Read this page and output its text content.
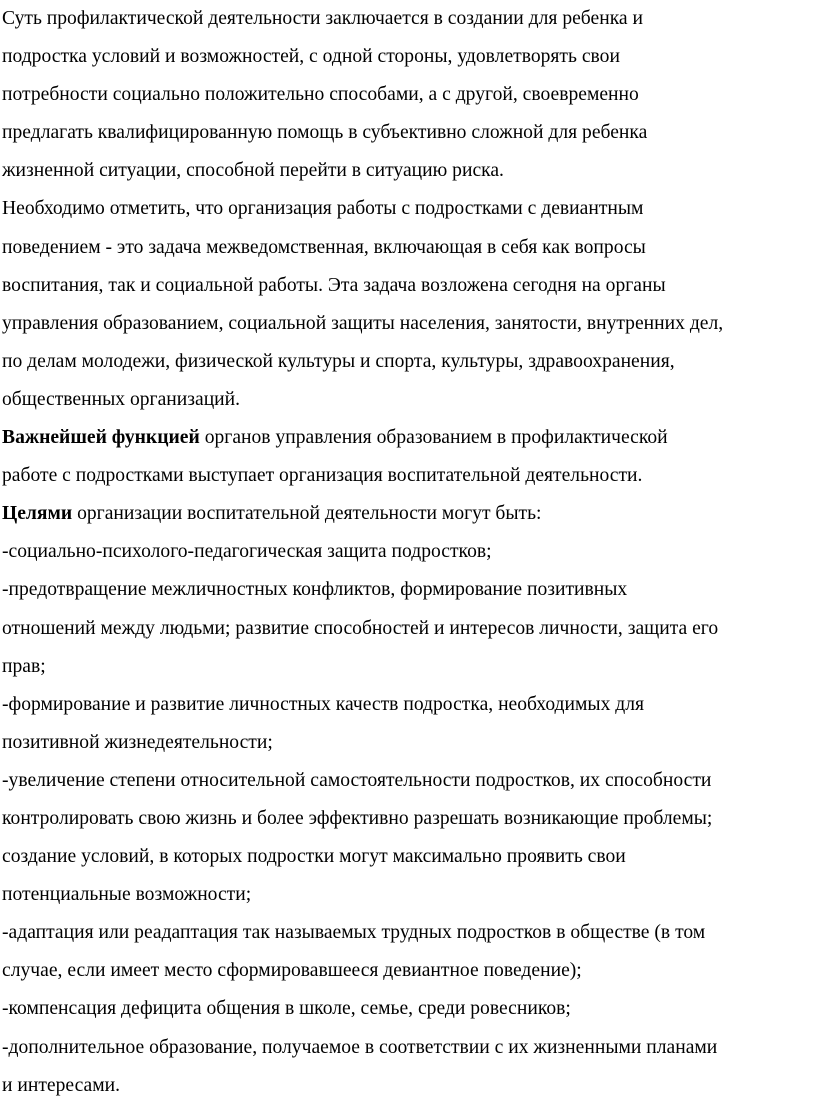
Суть профилактической деятельности заключается в создании для ребенка и
подростка условий и возможностей, с одной стороны, удовлетворять свои
потребности социально положительно способами, а с другой, своевременно
предлагать квалифицированную помощь в субъективно сложной для ребенка
жизненной ситуации, способной перейти в ситуацию риска.

Необходимо отметить, что организация работы с подростками с девиантным
поведением - это задача межведомственная, включающая в себя как вопросы
воспитания, так и социальной работы. Эта задача возложена сегодня на органы
управления образованием, социальной защиты населения, занятости, внутренних дел,
по делам молодежи, физической культуры и спорта, культуры, здравоохранения,
общественных организаций.

Важнейшей функцией органов управления образованием в профилактической
работе с подростками выступает организация воспитательной деятельности.

Целями организации воспитательной деятельности могут быть:

-социально-психолого-педагогическая защита подростков;

-предотвращение межличностных конфликтов, формирование позитивных
отношений между людьми; развитие способностей и интересов личности, защита его
прав;

-формирование и развитие личностных качеств подростка, необходимых для
позитивной жизнедеятельности;

-увеличение степени относительной самостоятельности подростков, их способности
контролировать свою жизнь и более эффективно разрешать возникающие проблемы;
создание условий, в которых подростки могут максимально проявить свои
потенциальные возможности;

-адаптация или реадаптация так называемых трудных подростков в обществе (в том
случае, если имеет место сформировавшееся девиантное поведение);

-компенсация дефицита общения в школе, семье, среди ровесников;

-дополнительное образование, получаемое в соответствии с их жизненными планами
и интересами.
